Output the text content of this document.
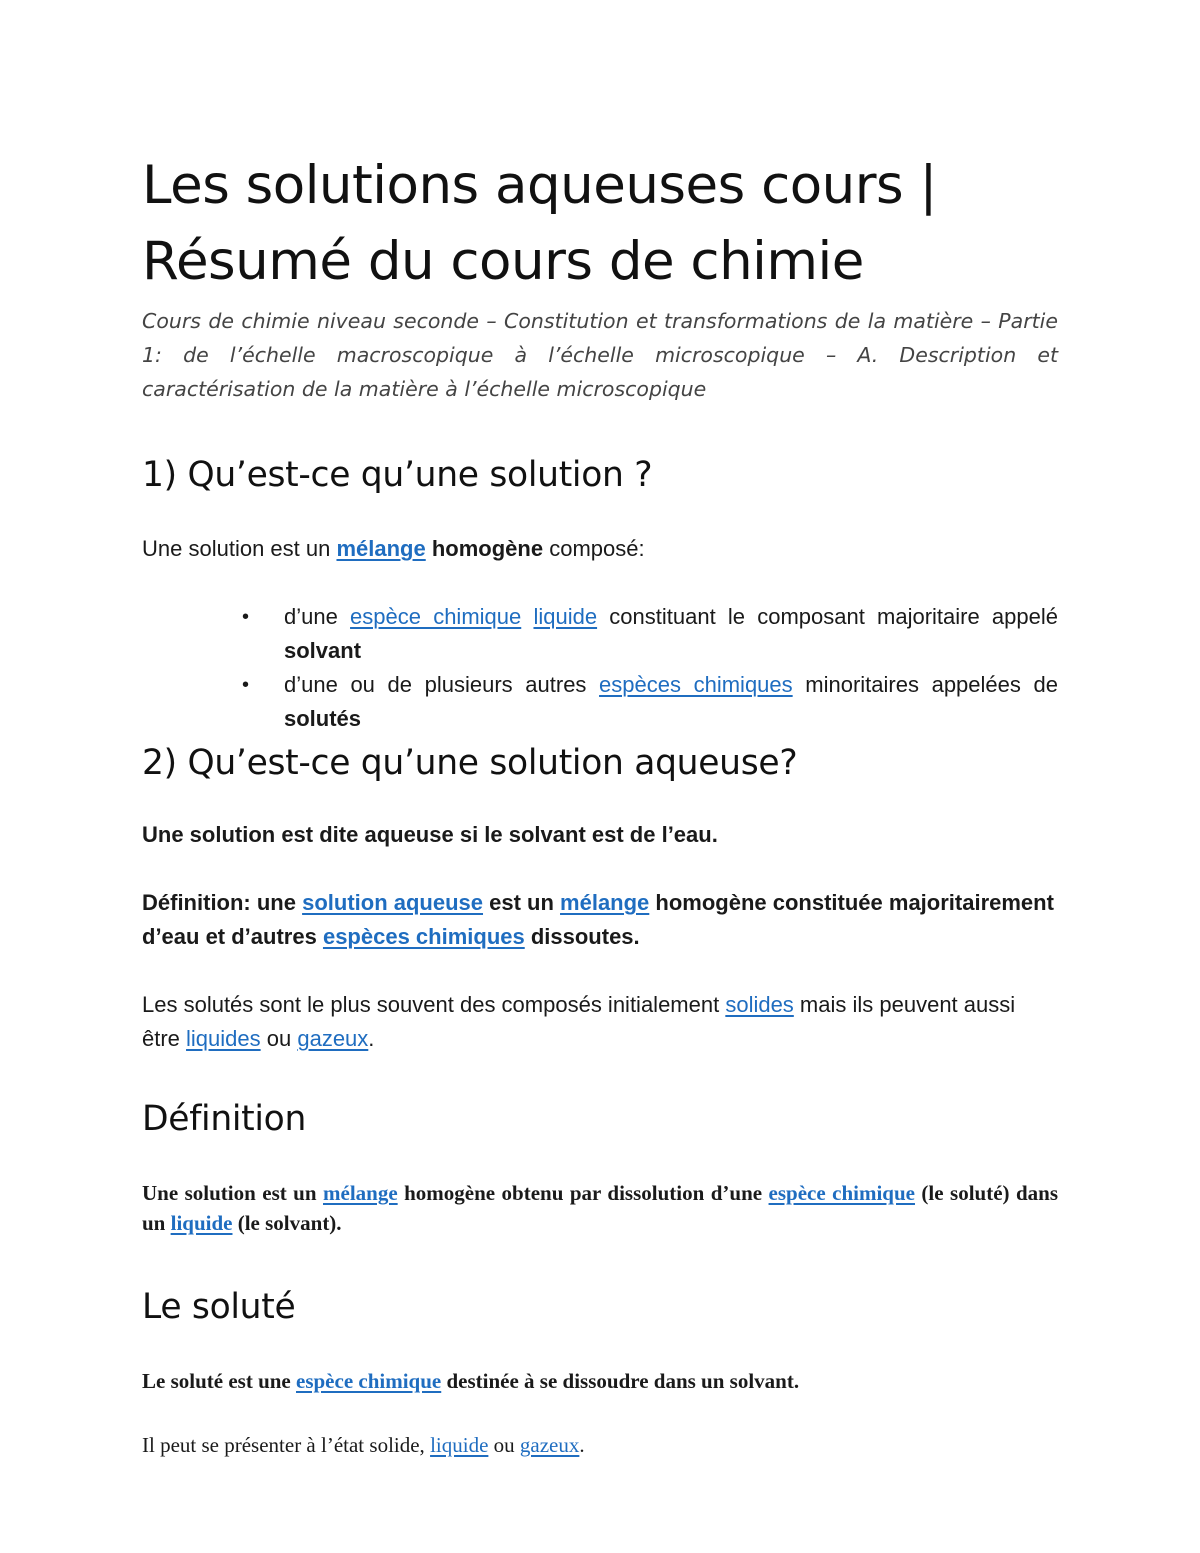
Les solutions aqueuses cours |
Résumé du cours de chimie

Cours de chimie niveau seconde – Constitution et transformations de la matière – Partie 1: de l’échelle macroscopique à l’échelle microscopique – A. Description et caractérisation de la matière à l’échelle microscopique

1) Qu’est-ce qu’une solution ?

Une solution est un mélange homogène composé:

• d’une espèce chimique liquide constituant le composant majoritaire appelé solvant
• d’une ou de plusieurs autres espèces chimiques minoritaires appelées de solutés
2) Qu’est-ce qu’une solution aqueuse?

Une solution est dite aqueuse si le solvant est de l’eau.

Définition: une solution aqueuse est un mélange homogène constituée majoritairement d’eau et d’autres espèces chimiques dissoutes.

Les solutés sont le plus souvent des composés initialement solides mais ils peuvent aussi être liquides ou gazeux.

Définition

Une solution est un mélange homogène obtenu par dissolution d’une espèce chimique (le soluté) dans un liquide (le solvant).

Le soluté

Le soluté est une espèce chimique destinée à se dissoudre dans un solvant.

Il peut se présenter à l’état solide, liquide ou gazeux.
